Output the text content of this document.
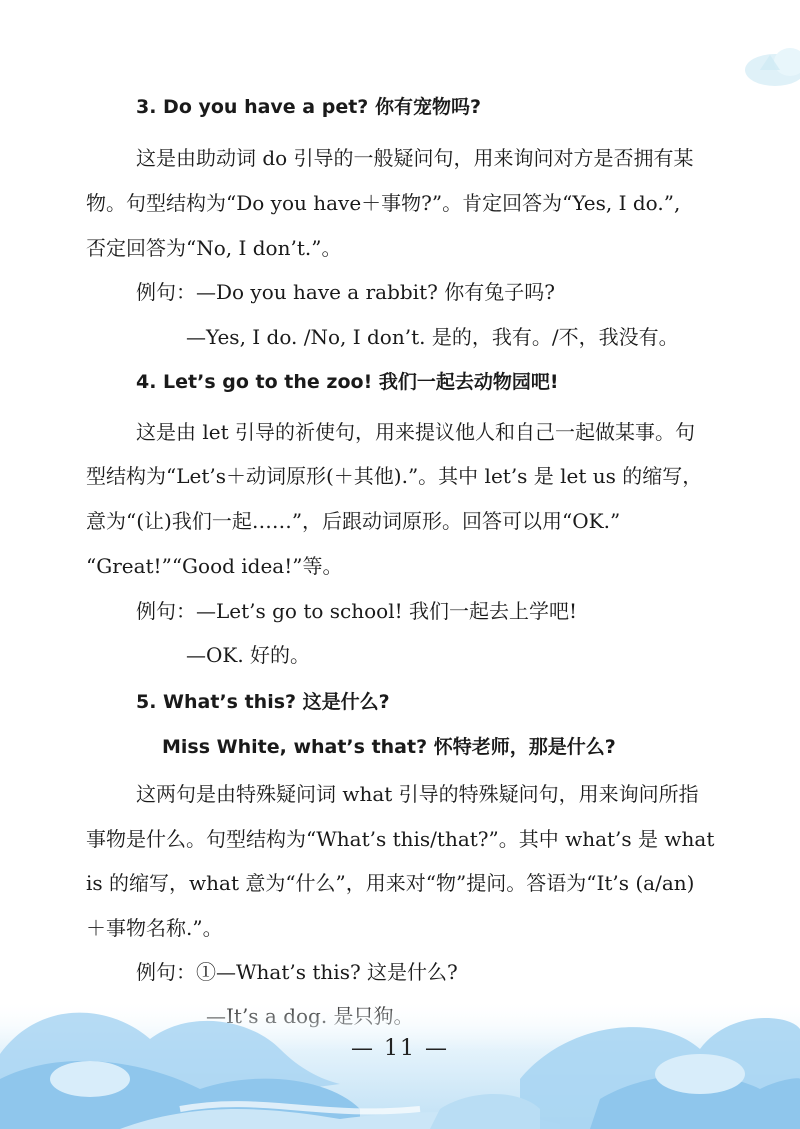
3. Do you have a pet? 你有宠物吗?
这是由助动词 do 引导的一般疑问句，用来询问对方是否拥有某
物。句型结构为“Do you have＋事物?”。肯定回答为“Yes, I do.”,
否定回答为“No, I don’t.”。
例句：—Do you have a rabbit? 你有兔子吗?
—Yes, I do. /No, I don’t. 是的，我有。/不，我没有。
4. Let’s go to the zoo! 我们一起去动物园吧!
这是由 let 引导的祈使句，用来提议他人和自己一起做某事。句
型结构为“Let’s＋动词原形(＋其他).”。其中 let’s 是 let us 的缩写，
意为“(让)我们一起……”，后跟动词原形。回答可以用“OK.”
“Great!”“Good idea!”等。
例句：—Let’s go to school! 我们一起去上学吧!
—OK. 好的。
5. What’s this? 这是什么?
Miss White, what’s that? 怀特老师，那是什么?
这两句是由特殊疑问词 what 引导的特殊疑问句，用来询问所指
事物是什么。句型结构为“What’s this/that?”。其中 what’s 是 what
is 的缩写，what 意为“什么”，用来对“物”提问。答语为“It’s (a/an)
＋事物名称.”。
例句：①—What’s this? 这是什么?
— 11 —
